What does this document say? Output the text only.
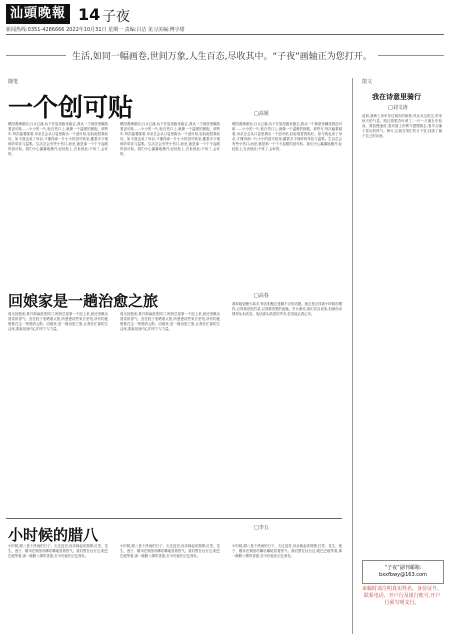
汕頭晚報 14 子夜
新闻热线:0351-4286666 2022年10月31日 星期一 责编:白洁 见习美编:傅宇珺
生活,如同一幅画卷,世间万象,人生百态,尽收其中。“子夜”画轴正为您打开。
随笔	散文
一个创可贴	□高姐
暖阳洒满窗前,日头已落,孩子在屋里跑来跑去,我从一个抽屉里翻找着创可贴……小小的一片,贴在伤口上,就像一个温暖的拥抱。那些年,每次磕着碰着,母亲总会从口袋里掏出一个创可贴,轻轻地替我贴好。如今我也成了母亲,才懂得那一片小小的创可贴里,藏着多少细碎的牵挂与温柔。生活总会有些小伤口,而爱,就是那一个个不起眼的创可贴。我们小心翼翼地撕开,轻轻贴上,告诉彼此:不疼了,会好的。
暖阳洒满窗前,日头已落,孩子在屋里跑来跑去,我从一个抽屉里翻找着创可贴……小小的一片,贴在伤口上,就像一个温暖的拥抱。那些年,每次磕着碰着,母亲总会从口袋里掏出一个创可贴,轻轻地替我贴好。如今我也成了母亲,才懂得那一片小小的创可贴里,藏着多少细碎的牵挂与温柔。生活总会有些小伤口,而爱,就是那一个个不起眼的创可贴。我们小心翼翼地撕开,轻轻贴上,告诉彼此:不疼了,会好的。
暖阳洒满窗前,日头已落,孩子在屋里跑来跑去,我从一个抽屉里翻找着创可贴……小小的一片,贴在伤口上,就像一个温暖的拥抱。那些年,每次磕着碰着,母亲总会从口袋里掏出一个创可贴,轻轻地替我贴好。如今我也成了母亲,才懂得那一片小小的创可贴里,藏着多少细碎的牵挂与温柔。生活总会有些小伤口,而爱,就是那一个个不起眼的创可贴。我们小心翼翼地撕开,轻轻贴上,告诉彼此:不疼了,会好的。
□高春
我和姐姐聚少离多,每次相聚总是聊不完的话题。她总是记得我小时候的模样,记得我爱吃的菜,记得我怕黑的夜晚。岁月流转,我们各自成家,但那份亲情却从未改变。电话那头熟悉的声音,依旧能让我心安。
回娘家是一趟治愈之旅
周末回娘家,推开那扇熟悉的门,妈妈总是第一个迎上来,厨房里飘出饭菜的香气。坐在院子里晒着太阳,听爸爸讲些家长里短,所有的疲惫都在这一刻烟消云散。回娘家,是一趟治愈之旅,让我在忙碌的生活里,重新找回内心的安宁与力量。
周末回娘家,推开那扇熟悉的门,妈妈总是第一个迎上来,厨房里飘出饭菜的香气。坐在院子里晒着太阳,听爸爸讲些家长里短,所有的疲惫都在这一刻烟消云散。回娘家,是一趟治愈之旅,让我在忙碌的生活里,重新找回内心的安宁与力量。
小时候的腊八	□李五
小时候,腊八是个热闹的日子。天还没亮,母亲就起来熬粥,红枣、花生、莲子、糯米在锅里咕嘟咕嘟地冒着热气。我们围在灶台边,眼巴巴地等着,那一碗腊八粥的香甜,至今仍留在记忆深处。
小时候,腊八是个热闹的日子。天还没亮,母亲就起来熬粥,红枣、花生、莲子、糯米在锅里咕嘟咕嘟地冒着热气。我们围在灶台边,眼巴巴地等着,那一碗腊八粥的香甜,至今仍留在记忆深处。
小时候,腊八是个热闹的日子。天还没亮,母亲就起来熬粥,红枣、花生、莲子、糯米在锅里咕嘟咕嘟地冒着热气。我们围在灶台边,眼巴巴地等着,那一碗腊八粥的香甜,至今仍留在记忆深处。
我在诗意里骑行
□刘文涛
清晨,我骑上单车穿过城市的街巷,风从耳边吹过,带来秋天的气息。路边的银杏叶黄了,一片一片落在车轮前。我放慢速度,看河面上的雾气慢慢散去,看早点铺子冒出的热气。骑行,让我在匆忙的日子里,找到了属于自己的诗意。
“子夜”副刊邮箱:
bxxfbwy@163.com
来稿时请注明真实姓名、身份证号、联系电话、开户行及银行账号,开户行须写明支行。
